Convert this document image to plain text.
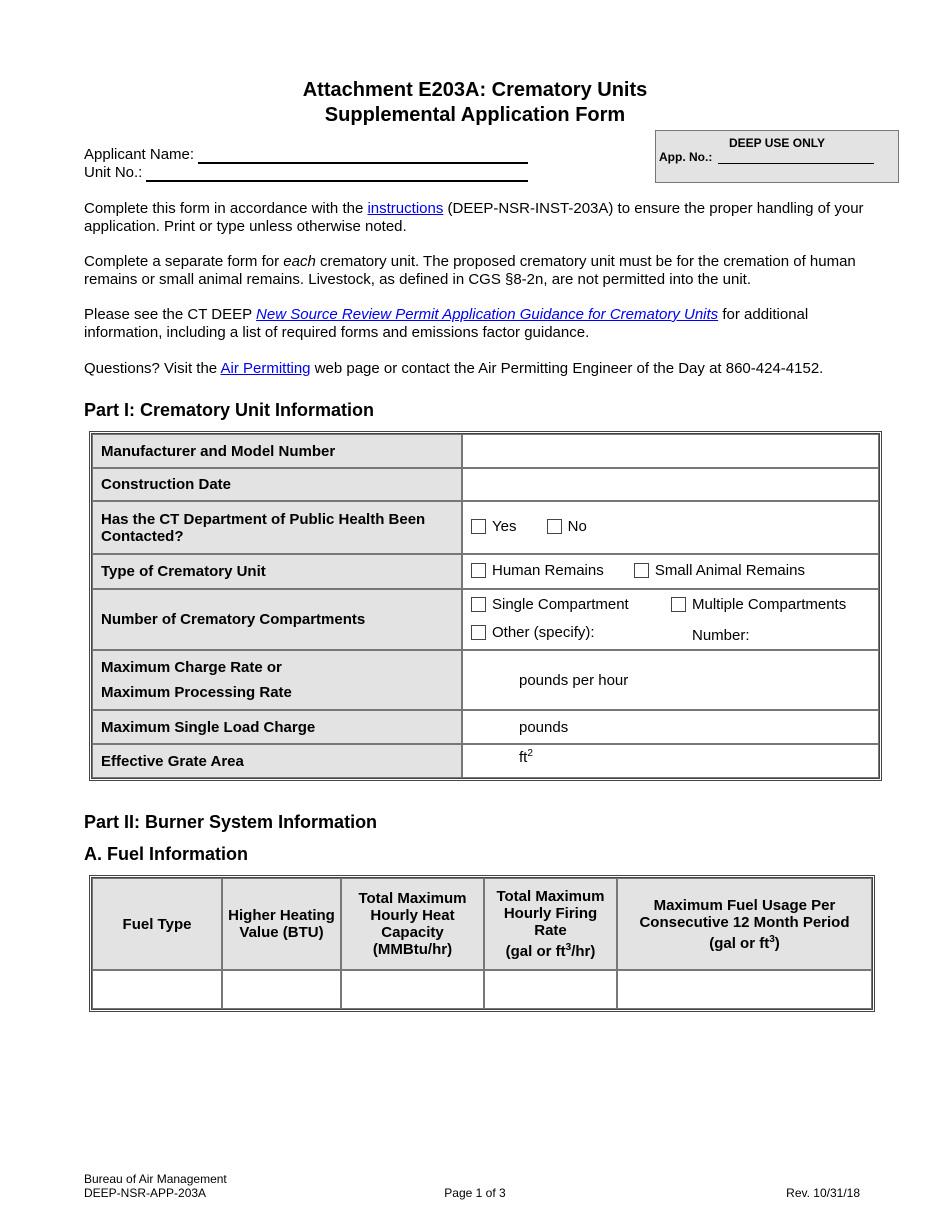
Attachment E203A: Crematory Units
Supplemental Application Form
Applicant Name:
Unit No.:
DEEP USE ONLY
App. No.:
Complete this form in accordance with the instructions (DEEP-NSR-INST-203A) to ensure the proper handling of your application. Print or type unless otherwise noted.
Complete a separate form for each crematory unit. The proposed crematory unit must be for the cremation of human remains or small animal remains. Livestock, as defined in CGS §8-2n, are not permitted into the unit.
Please see the CT DEEP New Source Review Permit Application Guidance for Crematory Units for additional information, including a list of required forms and emissions factor guidance.
Questions? Visit the Air Permitting web page or contact the Air Permitting Engineer of the Day at 860-424-4152.
Part I: Crematory Unit Information
Manufacturer and Model Number	
Construction Date	
Has the CT Department of Public Health Been Contacted?	Yes
No

Type of Crematory Unit	Human Remains
Small Animal Remains

Number of Crematory Compartments	Single Compartment Multiple Compartments
Other (specify): Number:

Maximum Charge Rate or
Maximum Processing Rate	pounds per hour
Maximum Single Load Charge	pounds
Effective Grate Area	$ft^2$
Part II: Burner System Information
A. Fuel Information
Fuel Type	Higher Heating Value (BTU)	Total Maximum Hourly Heat Capacity (MMBtu/hr)	Total Maximum Hourly Firing Rate
(gal or $ft^3/hr$)	Maximum Fuel Usage Per Consecutive 12 Month Period
(gal or $ft^3$)

Bureau of Air Management
DEEP-NSR-APP-203A	Page 1 of 3	Rev. 10/31/18
